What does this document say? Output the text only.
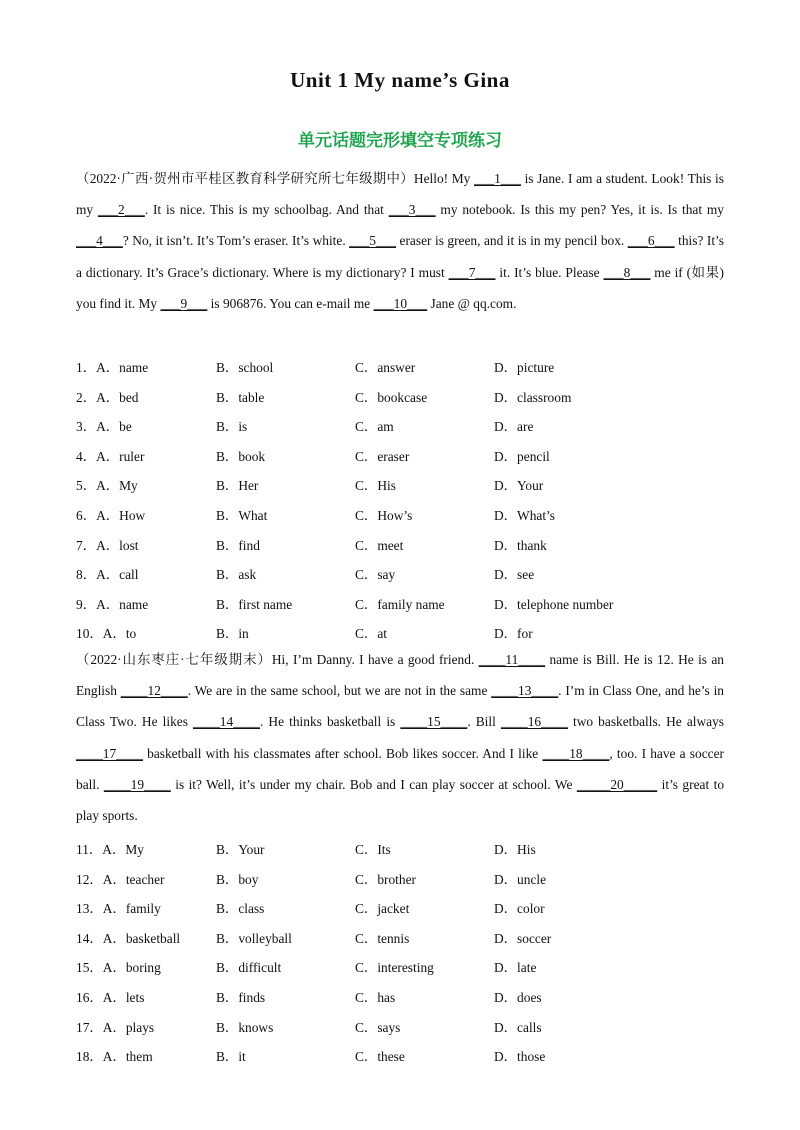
Unit 1 My name’s Gina
单元话题完形填空专项练习
（2022·广西·贺州市平桂区教育科学研究所七年级期中）Hello! My ___1___ is Jane. I am a student. Look! This is my ___2___. It is nice. This is my schoolbag. And that ___3___ my notebook. Is this my pen? Yes, it is. Is that my ___4___? No, it isn’t. It’s Tom’s eraser. It’s white. ___5___ eraser is green, and it is in my pencil box. ___6___ this? It’s a dictionary. It’s Grace’s dictionary. Where is my dictionary? I must ___7___ it. It’s blue. Please ___8___ me if (如果) you find it. My ___9___ is 906876. You can e-mail me ___10___ Jane @ qq.com.
1．A．name	B．school	C．answer	D．picture
2．A．bed	B．table	C．bookcase	D．classroom
3．A．be	B．is	C．am	D．are
4．A．ruler	B．book	C．eraser	D．pencil
5．A．My	B．Her	C．His	D．Your
6．A．How	B．What	C．How’s	D．What’s
7．A．lost	B．find	C．meet	D．thank
8．A．call	B．ask	C．say	D．see
9．A．name	B．first name	C．family name	D．telephone number
10．A．to	B．in	C．at	D．for
（2022·山东枣庄·七年级期末）Hi, I’m Danny. I have a good friend. ____11____ name is Bill. He is 12. He is an English ____12____. We are in the same school, but we are not in the same ____13____. I’m in Class One, and he’s in Class Two. He likes ____14____. He thinks basketball is ____15____. Bill ____16____ two basketballs. He always ____17____ basketball with his classmates after school. Bob likes soccer. And I like ____18____, too. I have a soccer ball. ____19____ is it? Well, it’s under my chair. Bob and I can play soccer at school. We _____20_____ it’s great to play sports.
11．A．My	B．Your	C．Its	D．His
12．A．teacher	B．boy	C．brother	D．uncle
13．A．family	B．class	C．jacket	D．color
14．A．basketball	B．volleyball	C．tennis	D．soccer
15．A．boring	B．difficult	C．interesting	D．late
16．A．lets	B．finds	C．has	D．does
17．A．plays	B．knows	C．says	D．calls
18．A．them	B．it	C．these	D．those
